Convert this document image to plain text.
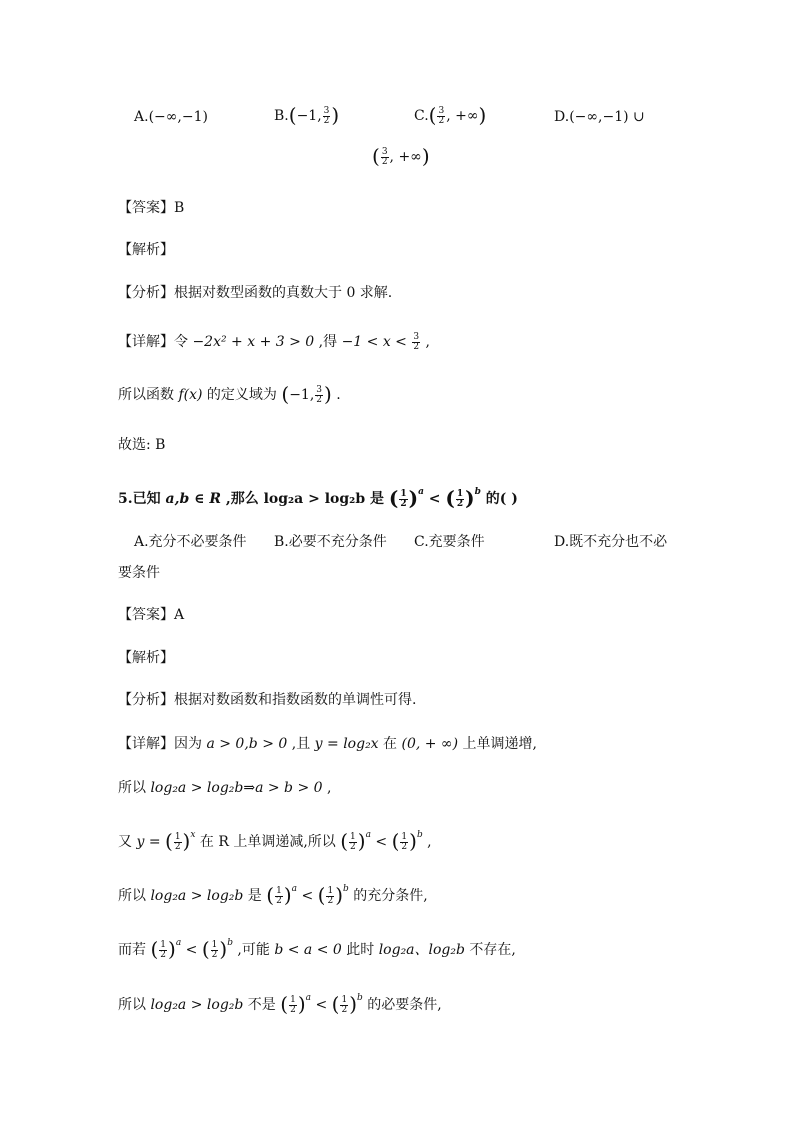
A.(−∞,−1)	B.(−1, $\frac{3}{2}$ )	$C.( \frac{3}{2}$ , +∞)	D.(−∞,−1) ∪
( $\frac{3}{2}$ , +∞)
【答案】B
【解析】
【分析】根据对数型函数的真数大于 0 求解.
【详解】令 −2x² + x + 3 > 0 ,得 $-1 < x < \frac{3}{2}$ ,
所以函数 f(x) 的定义域为 (−1, $\frac{3}{2}$ ) .
故选: B
5.已知 a,b ∈ R ,那么 log₂a > log₂b 是 ( $\frac{1}{2} )^a$ < ( $\frac{1}{2} )^b$ 的( )
A.充分不必要条件 B.必要不充分条件 C.充要条件	D.既不充分也不必
要条件
【答案】A
【解析】
【分析】根据对数函数和指数函数的单调性可得.
【详解】因为 a > 0,b > 0 ,且 y = log₂x 在 (0, + ∞) 上单调递增,
所以 log₂a > log₂b⇒a > b > 0 ,
又 y = ( $\frac{1}{2} )^x$ 在 R 上单调递减,所以 ( $\frac{1}{2} )^a$ < ( $\frac{1}{2} )^b$ ,
所以 log₂a > log₂b 是 ( $\frac{1}{2} )^a$ < ( $\frac{1}{2} )^b$ 的充分条件,
而若 ( $\frac{1}{2} )^a$ < ( $\frac{1}{2} )^b$ ,可能 b < a < 0 此时 log₂a、log₂b 不存在,
所以 log₂a > log₂b 不是 ( $\frac{1}{2} )^a$ < ( $\frac{1}{2} )^b$ 的必要条件,
